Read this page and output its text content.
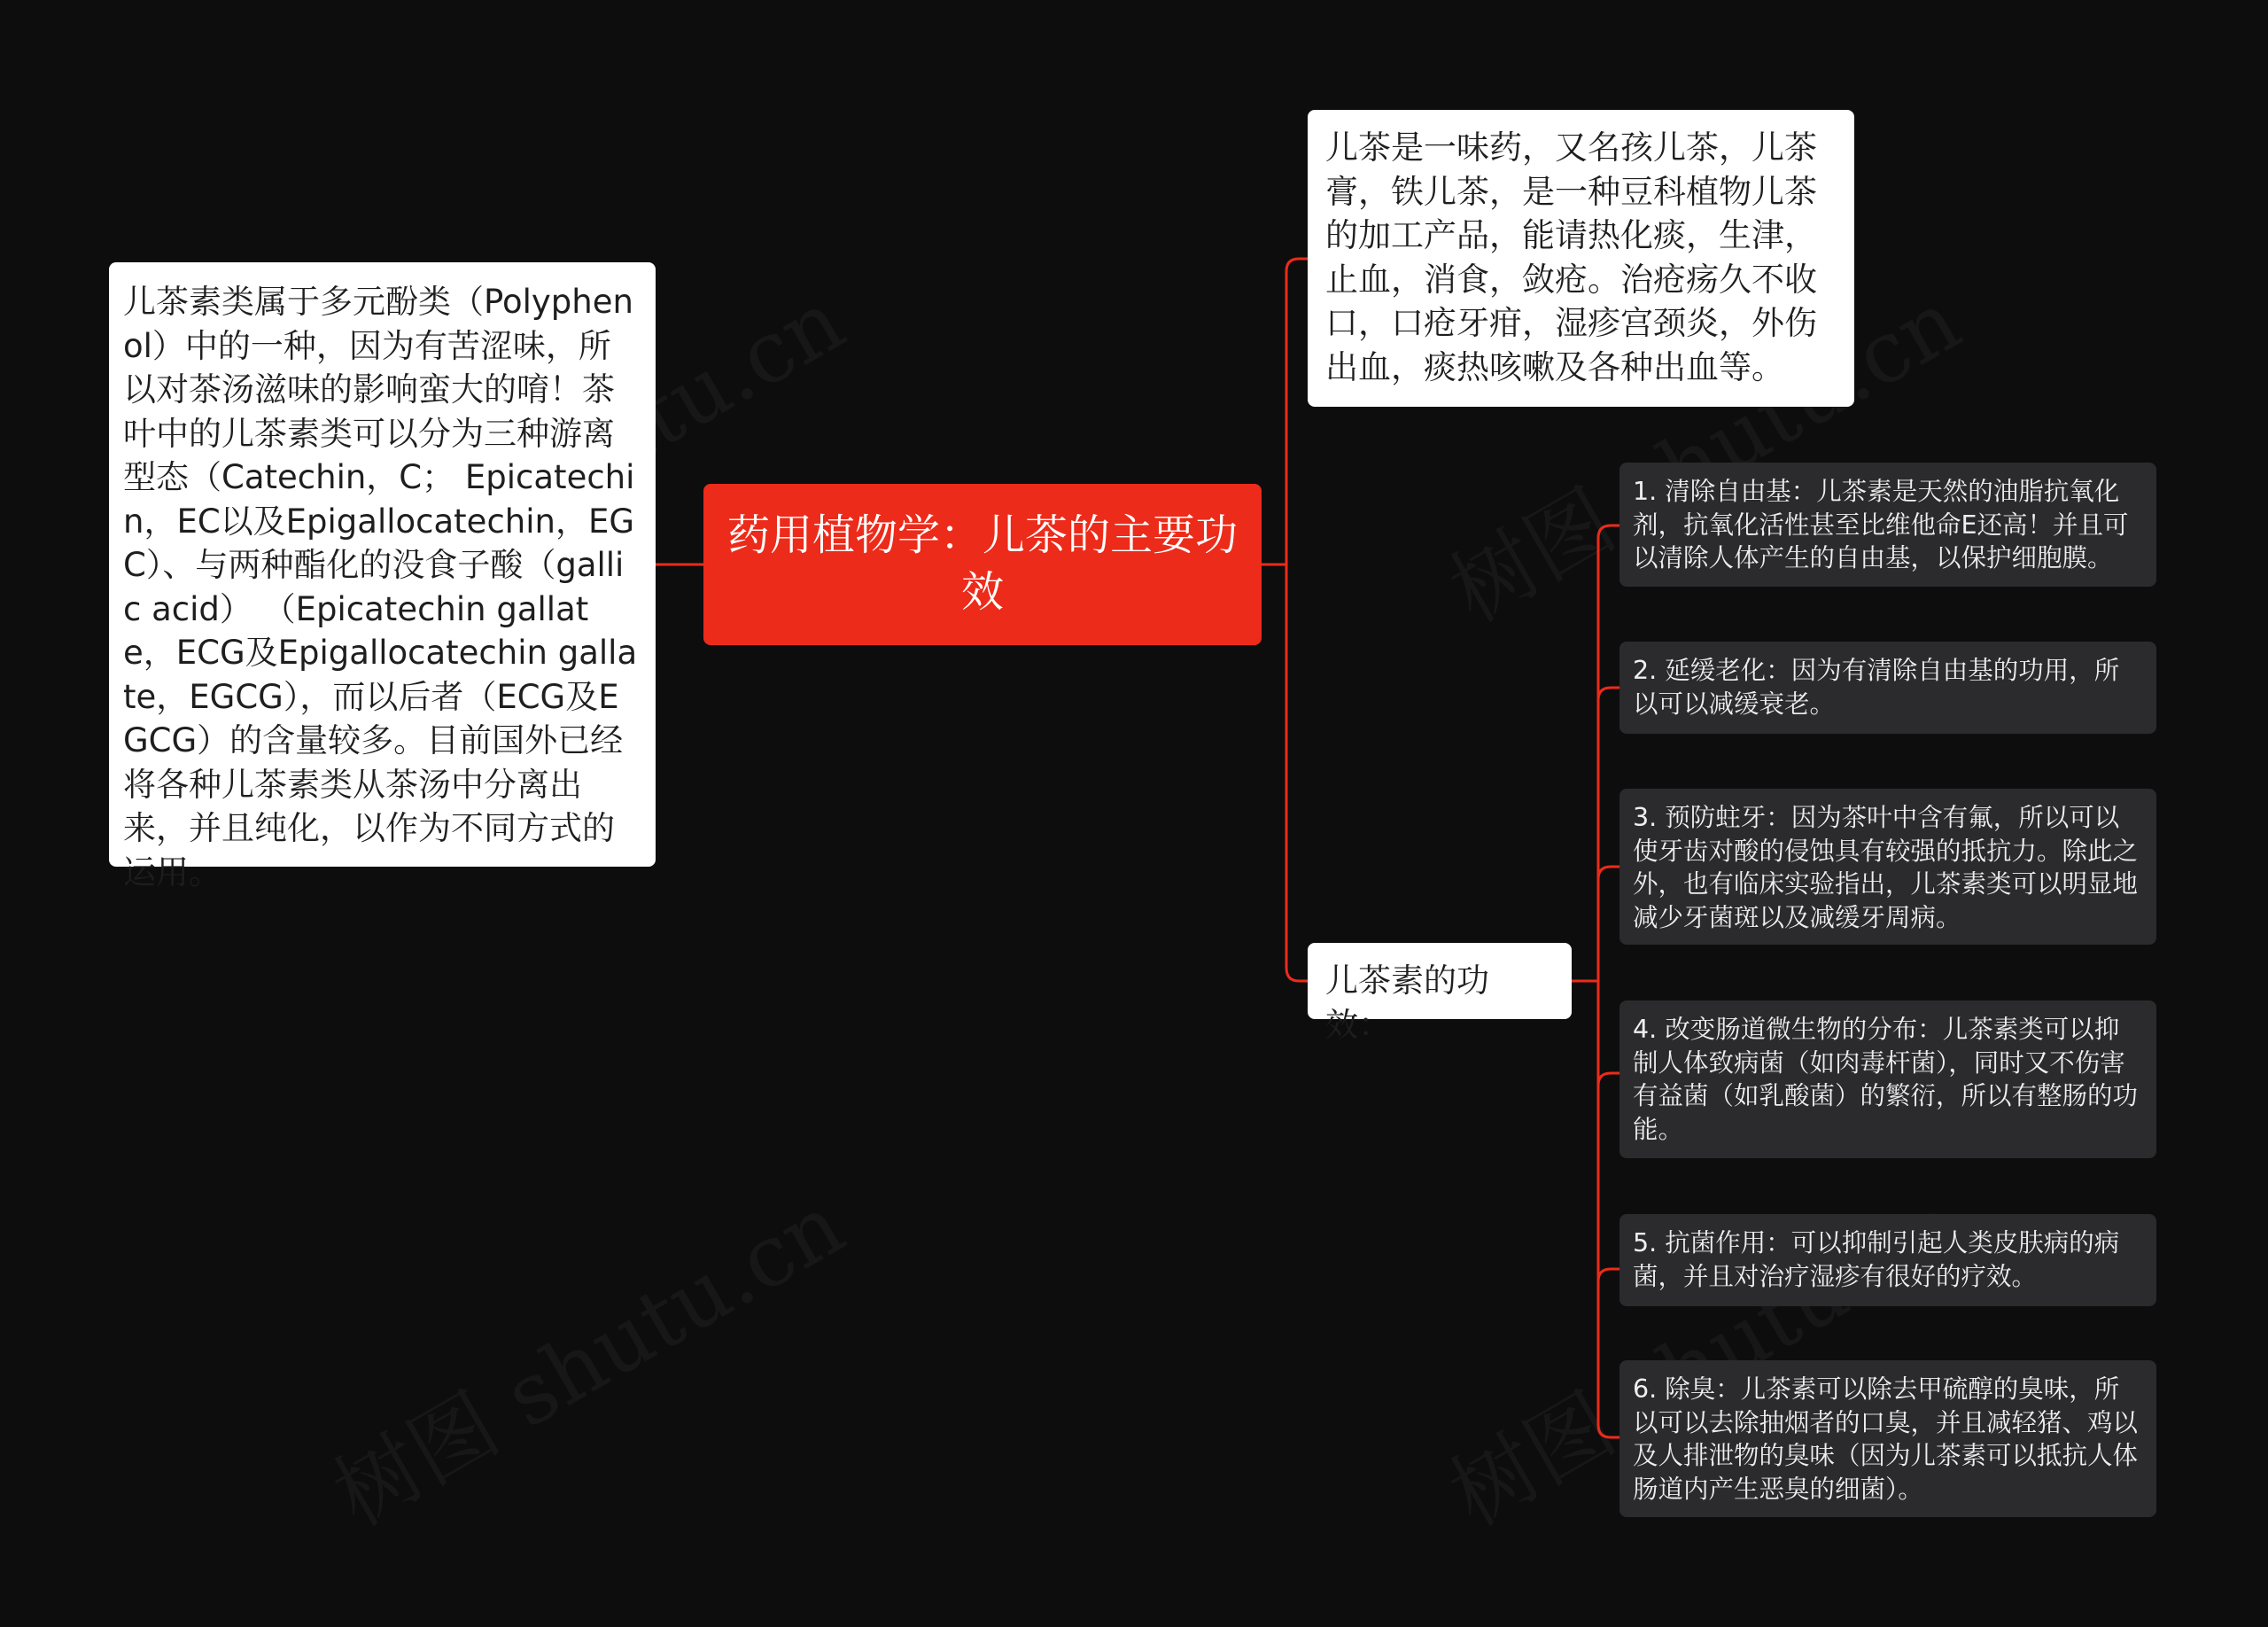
药用植物学：儿茶的主要功效
儿茶素类属于多元酚类（Polyphenol）中的一种，因为有苦涩味，所以对茶汤滋味的影响蛮大的唷！茶叶中的儿茶素类可以分为三种游离型态（Catechin，C； Epicatechin，EC以及Epigallocatechin，EGC）、与两种酯化的没食子酸（gallic acid） （Epicatechin gallate，ECG及Epigallocatechin gallate，EGCG），而以后者（ECG及EGCG）的含量较多。目前国外已经将各种儿茶素类从茶汤中分离出来，并且纯化，以作为不同方式的运用。
儿茶是一味药，又名孩儿茶，儿茶膏，铁儿茶，是一种豆科植物儿茶的加工产品，能请热化痰，生津，止血，消食，敛疮。治疮疡久不收口，口疮牙疳，湿疹宫颈炎，外伤出血，痰热咳嗽及各种出血等。
儿茶素的功效：
1. 清除自由基：儿茶素是天然的油脂抗氧化剂，抗氧化活性甚至比维他命E还高！并且可以清除人体产生的自由基，以保护细胞膜。
2. 延缓老化：因为有清除自由基的功用，所以可以减缓衰老。
3. 预防蛀牙：因为茶叶中含有氟，所以可以使牙齿对酸的侵蚀具有较强的抵抗力。除此之外，也有临床实验指出，儿茶素类可以明显地减少牙菌斑以及减缓牙周病。
4. 改变肠道微生物的分布：儿茶素类可以抑制人体致病菌（如肉毒杆菌），同时又不伤害有益菌（如乳酸菌）的繁衍，所以有整肠的功能。
5. 抗菌作用：可以抑制引起人类皮肤病的病菌，并且对治疗湿疹有很好的疗效。
6. 除臭：儿茶素可以除去甲硫醇的臭味，所以可以去除抽烟者的口臭，并且减轻猪、鸡以及人排泄物的臭味（因为儿茶素可以抵抗人体肠道内产生恶臭的细菌）。
